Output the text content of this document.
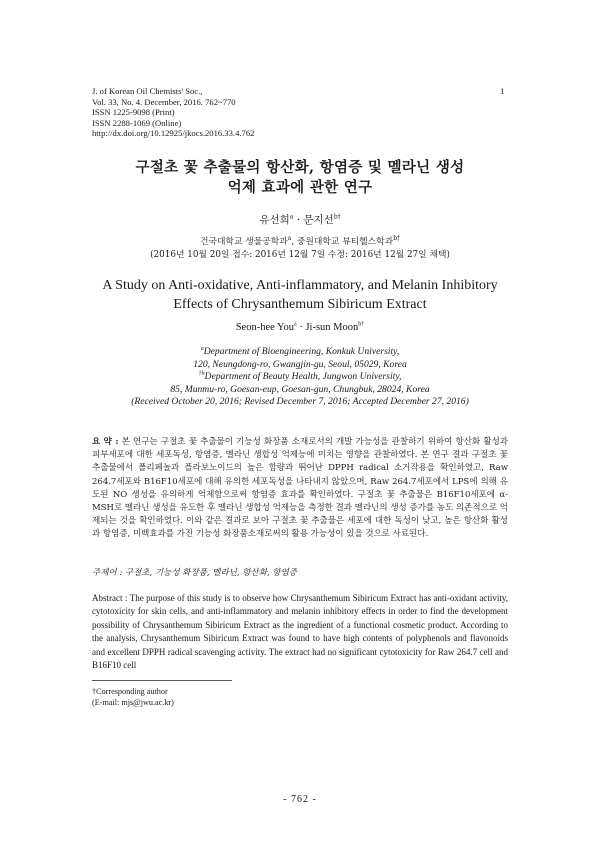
J. of Korean Oil Chemists' Soc.,
Vol. 33, No. 4. December, 2016. 762~770
ISSN 1225-9098 (Print)
ISSN 2288-1069 (Online)
http://dx.doi.org/10.12925/jkocs.2016.33.4.762
1
구절초 꽃 추출물의 항산화, 항염증 및 멜라닌 생성
억제 효과에 관한 연구
유선희$^a$ · 문지선$^{b\dagger}$
건국대학교 생물공학과$^a$, 중원대학교 뷰티헬스학과$^{b\dagger}$
(2016년 10월 20일 접수: 2016년 12월 7일 수정: 2016년 12월 27일 채택)
A Study on Anti-oxidative, Anti-inflammatory, and Melanin Inhibitory
Effects of Chrysanthemum Sibiricum Extract
Seon-hee You$^a$ · Ji-sun Moon$^{b\dagger}$
$^a$Department of Bioengineering, Konkuk University,
120, Neungdong-ro, Gwangjin-gu, Seoul, 05029, Korea
$^{\dagger b}$Department of Beauty Health, Jungwon University,
85, Munmu-ro, Goesan-eup, Goesan-gun, Chungbuk, 28024, Korea
(Received October 20, 2016; Revised December 7, 2016; Accepted December 27, 2016)
요 약 : 본 연구는 구절초 꽃 추출물이 기능성 화장품 소재로서의 개발 가능성을 관찰하기 위하여 항산화 활성과 피부세포에 대한 세포독성, 항염증, 멜라닌 생합성 억제능에 미치는 영향을 관찰하였다. 본 연구 결과 구절초 꽃 추출물에서 폴리페놀과 플라보노이드의 높은 함량과 뛰어난 DPPH radical 소거작용을 확인하였고, Raw 264.7세포와 B16F10세포에 대해 유의한 세포독성을 나타내지 않았으며, Raw 264.7세포에서 LPS에 의해 유도된 NO 생성을 유의하게 억제함으로써 항염증 효과를 확인하였다. 구절초 꽃 추출물은 B16F10세포에 α-MSH로 멜라닌 생성을 유도한 후 멜라닌 생합성 억제능을 측정한 결과 멜라닌의 생성 증가를 농도 의존적으로 억제되는 것을 확인하였다. 이와 같은 결과로 보아 구절초 꽃 추출물은 세포에 대한 독성이 낮고, 높은 항산화 활성과 항염증, 미백효과를 가진 기능성 화장품소재로써의 활용 가능성이 있을 것으로 사료된다.
주제어 : 구절초, 기능성 화장품, 멜라닌, 항산화, 항염증
Abstract : The purpose of this study is to observe how Chrysanthemum Sibiricum Extract has anti-oxidant activity, cytotoxicity for skin cells, and anti-inflammatory and melanin inhibitory effects in order to find the development possibility of Chrysanthemum Sibiricum Extract as the ingredient of a functional cosmetic product. According to the analysis, Chrysanthemum Sibiricum Extract was found to have high contents of polyphenols and flavonoids and excellent DPPH radical scavenging activity. The extract had no significant cytotoxicity for Raw 264.7 cell and B16F10 cell
†Corresponding author
(E-mail: mjs@jwu.ac.kr)
- 762 -
